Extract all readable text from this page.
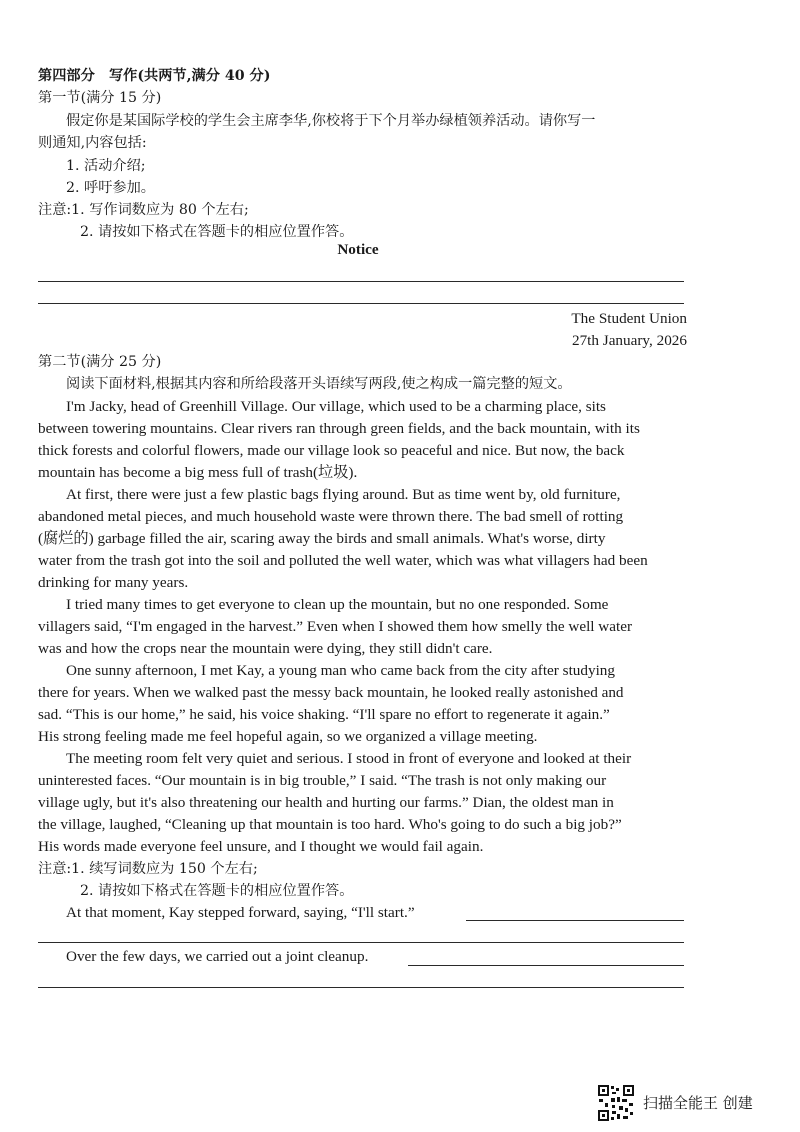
第四部分　写作(共两节,满分 40 分)
第一节(满分 15 分)
假定你是某国际学校的学生会主席李华,你校将于下个月举办绿植领养活动。请你写一
则通知,内容包括:
1. 活动介绍;
2. 呼吁参加。
注意:1. 写作词数应为 80 个左右;
2. 请按如下格式在答题卡的相应位置作答。
Notice
The Student Union
27th January, 2026
第二节(满分 25 分)
阅读下面材料,根据其内容和所给段落开头语续写两段,使之构成一篇完整的短文。
I'm Jacky, head of Greenhill Village. Our village, which used to be a charming place, sits
between towering mountains. Clear rivers ran through green fields, and the back mountain, with its
thick forests and colorful flowers, made our village look so peaceful and nice. But now, the back
mountain has become a big mess full of trash(垃圾).
At first, there were just a few plastic bags flying around. But as time went by, old furniture,
abandoned metal pieces, and much household waste were thrown there. The bad smell of rotting
(腐烂的) garbage filled the air, scaring away the birds and small animals. What's worse, dirty
water from the trash got into the soil and polluted the well water, which was what villagers had been
drinking for many years.
I tried many times to get everyone to clean up the mountain, but no one responded. Some
villagers said, “I'm engaged in the harvest.” Even when I showed them how smelly the well water
was and how the crops near the mountain were dying, they still didn't care.
One sunny afternoon, I met Kay, a young man who came back from the city after studying
there for years. When we walked past the messy back mountain, he looked really astonished and
sad. “This is our home,” he said, his voice shaking. “I'll spare no effort to regenerate it again.”
His strong feeling made me feel hopeful again, so we organized a village meeting.
The meeting room felt very quiet and serious. I stood in front of everyone and looked at their
uninterested faces. “Our mountain is in big trouble,” I said. “The trash is not only making our
village ugly, but it's also threatening our health and hurting our farms.” Dian, the oldest man in
the village, laughed, “Cleaning up that mountain is too hard. Who's going to do such a big job?”
His words made everyone feel unsure, and I thought we would fail again.
注意:1. 续写词数应为 150 个左右;
2. 请按如下格式在答题卡的相应位置作答。
At that moment, Kay stepped forward, saying, “I'll start.”
Over the few days, we carried out a joint cleanup.
扫描全能王 创建
